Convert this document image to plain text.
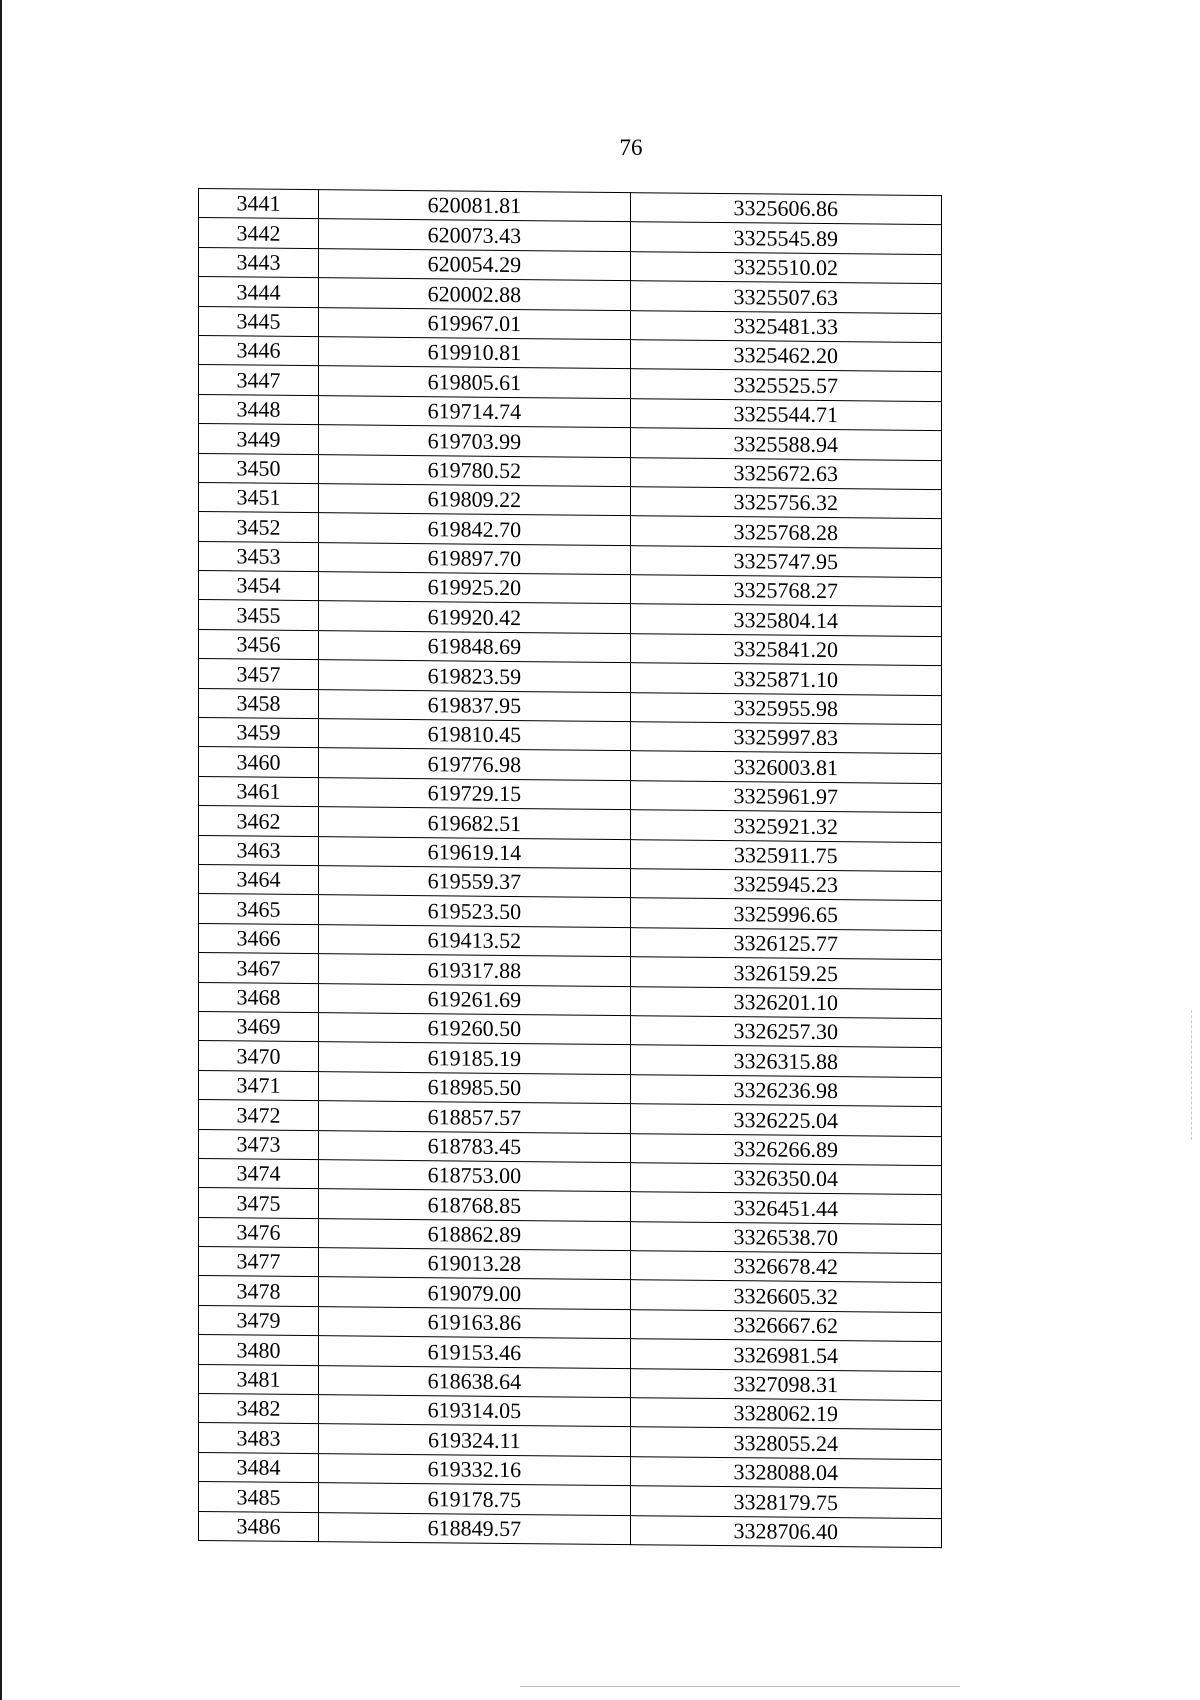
76
3441	620081.81	3325606.86
3442	620073.43	3325545.89
3443	620054.29	3325510.02
3444	620002.88	3325507.63
3445	619967.01	3325481.33
3446	619910.81	3325462.20
3447	619805.61	3325525.57
3448	619714.74	3325544.71
3449	619703.99	3325588.94
3450	619780.52	3325672.63
3451	619809.22	3325756.32
3452	619842.70	3325768.28
3453	619897.70	3325747.95
3454	619925.20	3325768.27
3455	619920.42	3325804.14
3456	619848.69	3325841.20
3457	619823.59	3325871.10
3458	619837.95	3325955.98
3459	619810.45	3325997.83
3460	619776.98	3326003.81
3461	619729.15	3325961.97
3462	619682.51	3325921.32
3463	619619.14	3325911.75
3464	619559.37	3325945.23
3465	619523.50	3325996.65
3466	619413.52	3326125.77
3467	619317.88	3326159.25
3468	619261.69	3326201.10
3469	619260.50	3326257.30
3470	619185.19	3326315.88
3471	618985.50	3326236.98
3472	618857.57	3326225.04
3473	618783.45	3326266.89
3474	618753.00	3326350.04
3475	618768.85	3326451.44
3476	618862.89	3326538.70
3477	619013.28	3326678.42
3478	619079.00	3326605.32
3479	619163.86	3326667.62
3480	619153.46	3326981.54
3481	618638.64	3327098.31
3482	619314.05	3328062.19
3483	619324.11	3328055.24
3484	619332.16	3328088.04
3485	619178.75	3328179.75
3486	618849.57	3328706.40
